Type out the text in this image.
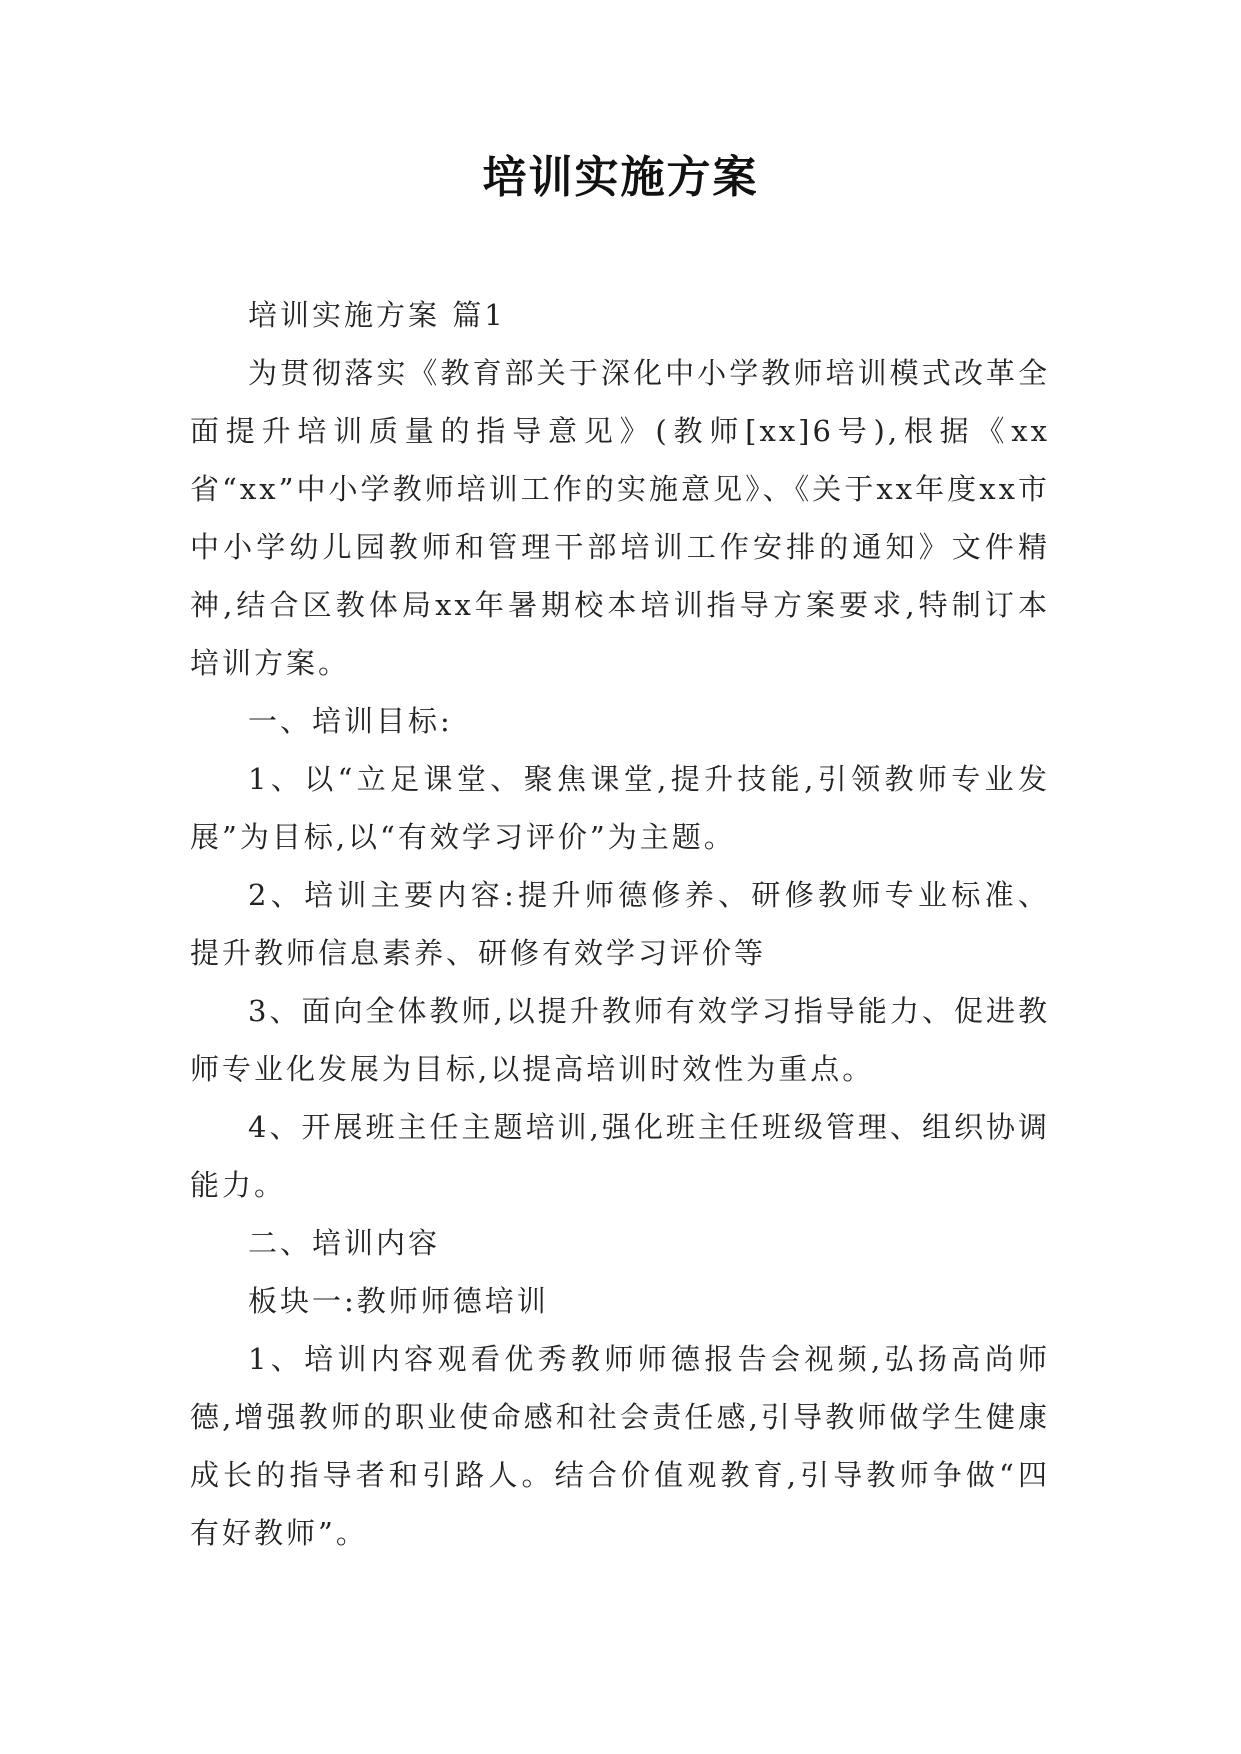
培训实施方案

培训实施方案 篇1

为贯彻落实《教育部关于深化中小学教师培训模式改革全面提升培训质量的指导意见》(教师[xx]6号),根据《xx省“xx”中小学教师培训工作的实施意见》、《关于xx年度xx市中小学幼儿园教师和管理干部培训工作安排的通知》文件精神,结合区教体局xx年暑期校本培训指导方案要求,特制订本培训方案。

一、培训目标:

1、以“立足课堂、聚焦课堂,提升技能,引领教师专业发展”为目标,以“有效学习评价”为主题。

2、培训主要内容:提升师德修养、研修教师专业标准、提升教师信息素养、研修有效学习评价等

3、面向全体教师,以提升教师有效学习指导能力、促进教师专业化发展为目标,以提高培训时效性为重点。

4、开展班主任主题培训,强化班主任班级管理、组织协调能力。

二、培训内容

板块一:教师师德培训

1、培训内容观看优秀教师师德报告会视频,弘扬高尚师德,增强教师的职业使命感和社会责任感,引导教师做学生健康成长的指导者和引路人。结合价值观教育,引导教师争做“四有好教师”。
